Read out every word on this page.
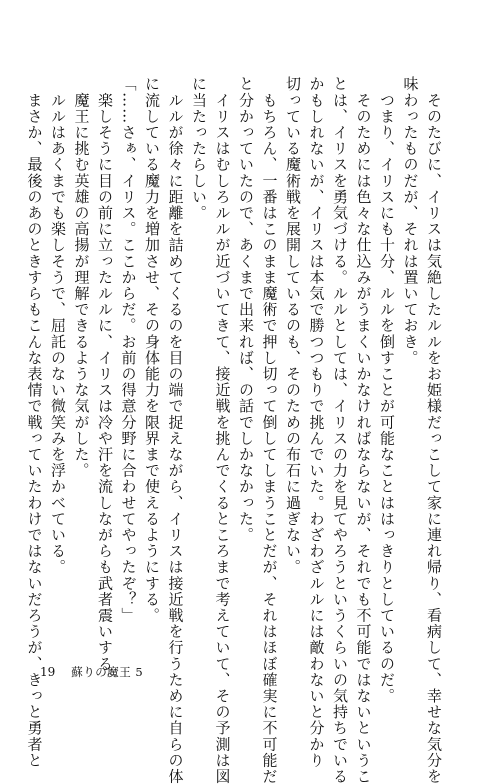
　そのたびに、イリスは気絶したルルをお姫様だっこして家に連れ帰り、看病して、幸せな気分を

味わったものだが、それは置いておき。

　つまり、イリスにも十分、ルルを倒すことが可能なことははっきりとしているのだ。

　そのためには色々な仕込みがうまくいかなければならないが、それでも不可能ではないというこ

とは、イリスを勇気づける。ルルとしては、イリスの力を見てやろうというくらいの気持ちでいる

かもしれないが、イリスは本気で勝つつもりで挑んでいた。わざわざルルには敵わないと分かり

切っている魔術戦を展開しているのも、そのための布石に過ぎない。

　もちろん、一番はこのまま魔術で押し切って倒してしまうことだが、それはほぼ確実に不可能だ

と分かっていたので、あくまで出来れば、の話でしかなかった。

　イリスはむしろルルが近づいてきて、接近戦を挑んでくるところまで考えていて、その予測は図

に当たったらしい。

　ルルが徐々に距離を詰めてくるのを目の端で捉えながら、イリスは接近戦を行うために自らの体

に流している魔力を増加させ、その身体能力を限界まで使えるようにする。

「……さぁ、イリス。ここからだ。お前の得意分野に合わせてやったぞ？」

　楽しそうに目の前に立ったルルに、イリスは冷や汗を流しながらも武者震いする。

　魔王に挑む英雄の高揚が理解できるような気がした。

　ルルはあくまでも楽しそうで、屈託のない微笑みを浮かべている。

　まさか、最後のあのときすらもこんな表情で戦っていたわけではないだろうが、きっと勇者と

19 蘇りの魔王 5
